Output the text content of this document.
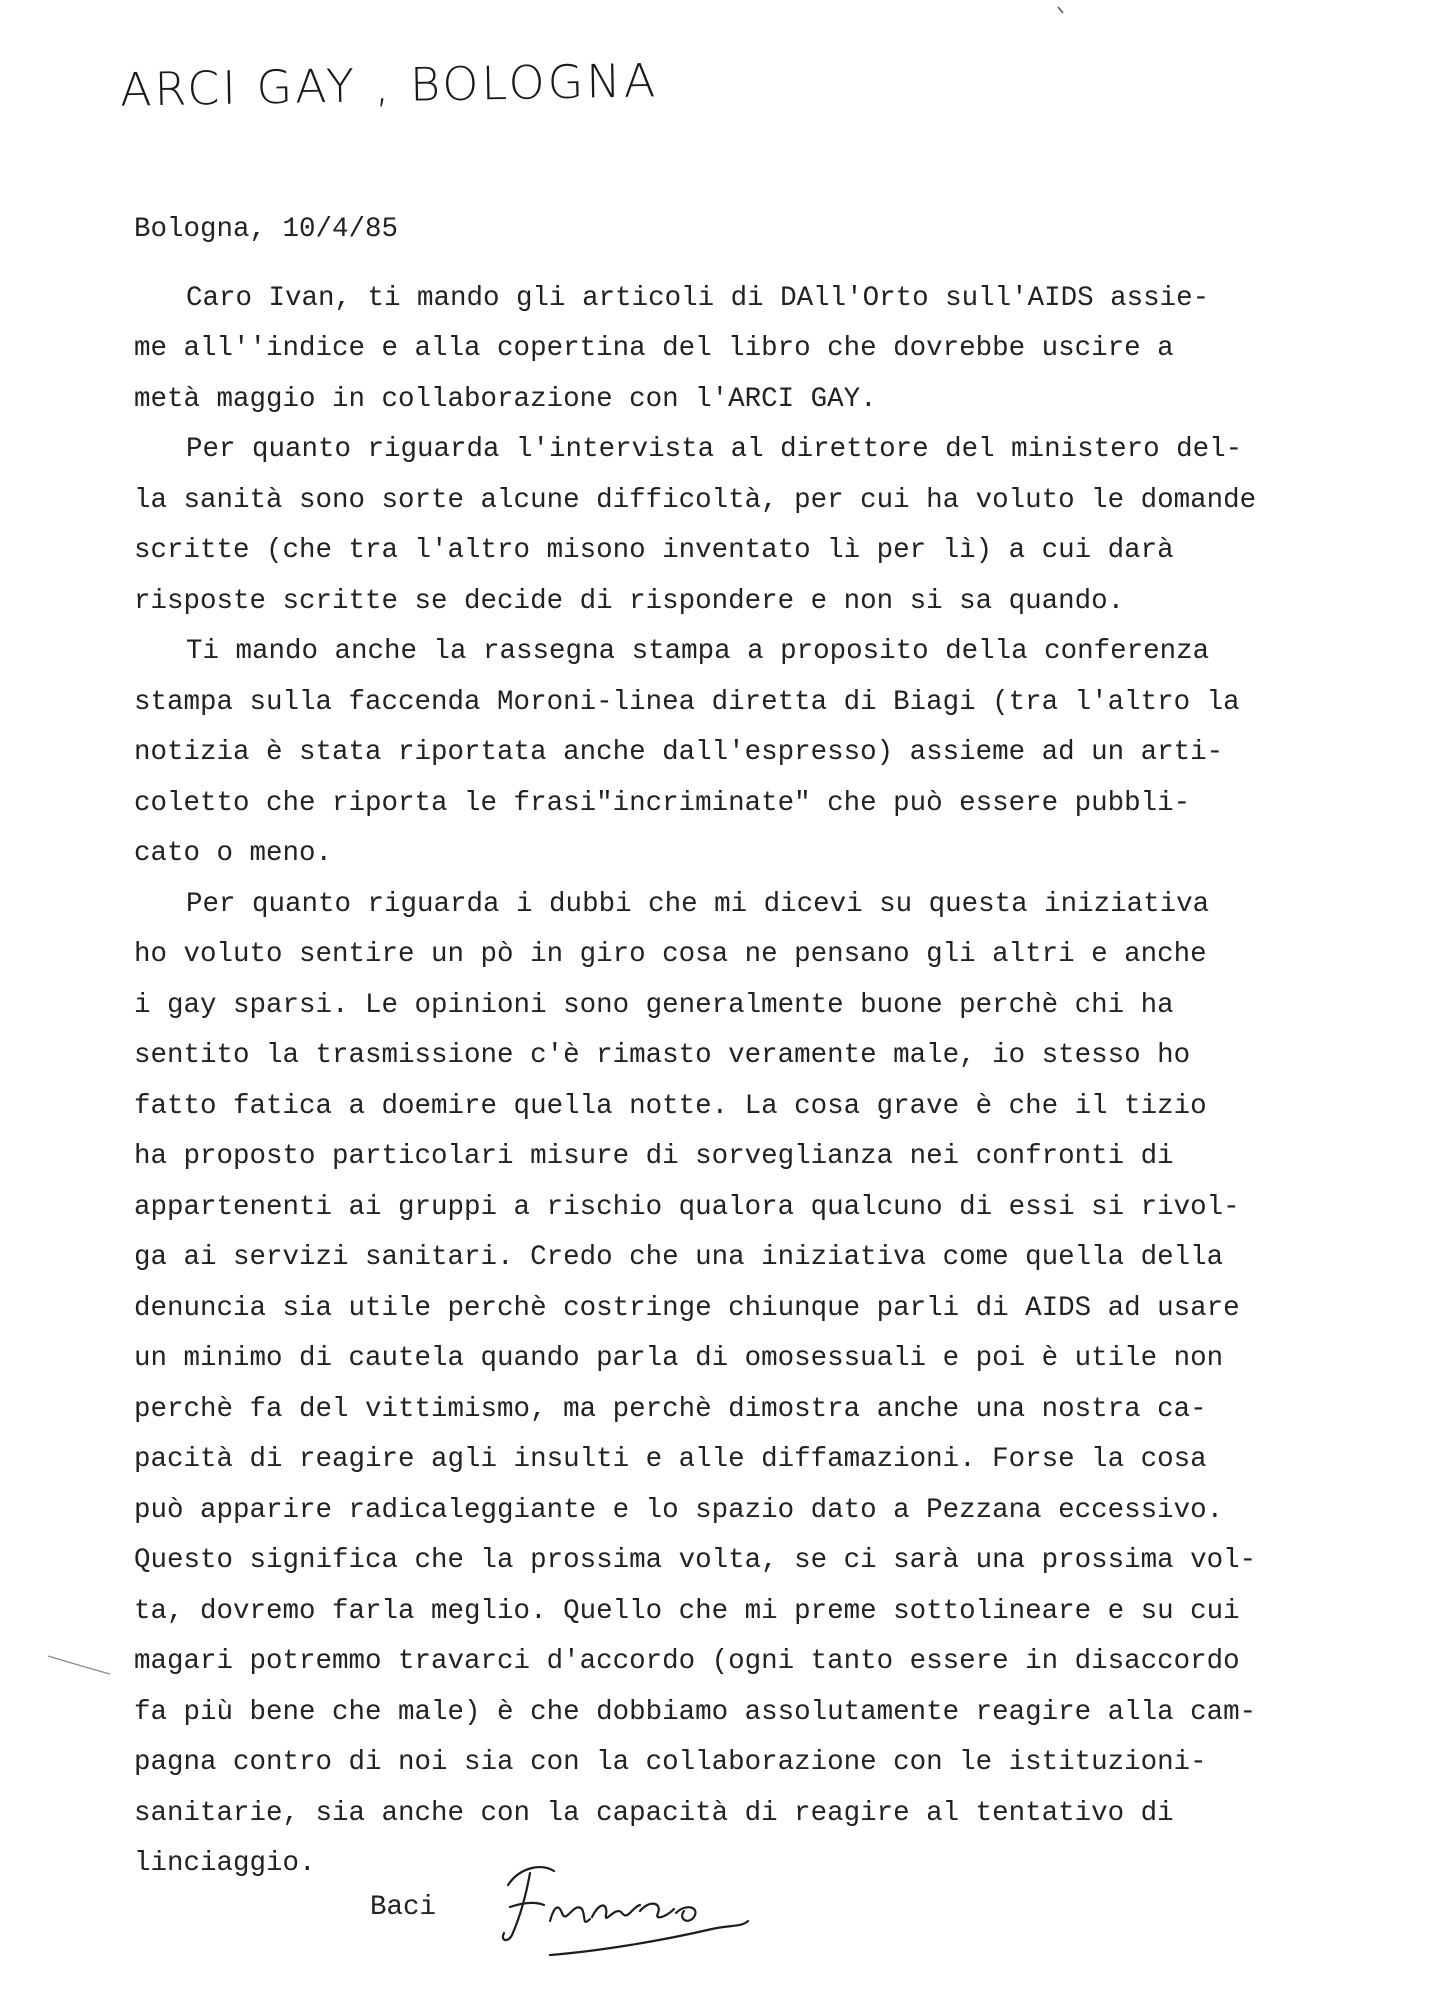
ARCI GAY , BOLOGNA
Bologna, 10/4/85
Caro Ivan, ti mando gli articoli di DAll'Orto sull'AIDS assie-
me all''indice e alla copertina del libro che dovrebbe uscire a
metà maggio in collaborazione con l'ARCI GAY.
Per quanto riguarda l'intervista al direttore del ministero del-
la sanità sono sorte alcune difficoltà, per cui ha voluto le domande
scritte (che tra l'altro misono inventato lì per lì) a cui darà
risposte scritte se decide di rispondere e non si sa quando.
Ti mando anche la rassegna stampa a proposito della conferenza
stampa sulla faccenda Moroni-linea diretta di Biagi (tra l'altro la
notizia è stata riportata anche dall'espresso) assieme ad un arti-
coletto che riporta le frasi"incriminate" che può essere pubbli-
cato o meno.
Per quanto riguarda i dubbi che mi dicevi su questa iniziativa
ho voluto sentire un pò in giro cosa ne pensano gli altri e anche
i gay sparsi. Le opinioni sono generalmente buone perchè chi ha
sentito la trasmissione c'è rimasto veramente male, io stesso ho
fatto fatica a doemire quella notte. La cosa grave è che il tizio
ha proposto particolari misure di sorveglianza nei confronti di
appartenenti ai gruppi a rischio qualora qualcuno di essi si rivol-
ga ai servizi sanitari. Credo che una iniziativa come quella della
denuncia sia utile perchè costringe chiunque parli di AIDS ad usare
un minimo di cautela quando parla di omosessuali e poi è utile non
perchè fa del vittimismo, ma perchè dimostra anche una nostra ca-
pacità di reagire agli insulti e alle diffamazioni. Forse la cosa
può apparire radicaleggiante e lo spazio dato a Pezzana eccessivo.
Questo significa che la prossima volta, se ci sarà una prossima vol-
ta, dovremo farla meglio. Quello che mi preme sottolineare e su cui
magari potremmo travarci d'accordo (ogni tanto essere in disaccordo
fa più bene che male) è che dobbiamo assolutamente reagire alla cam-
pagna contro di noi sia con la collaborazione con le istituzioni-
sanitarie, sia anche con la capacità di reagire al tentativo di
linciaggio.
Baci
